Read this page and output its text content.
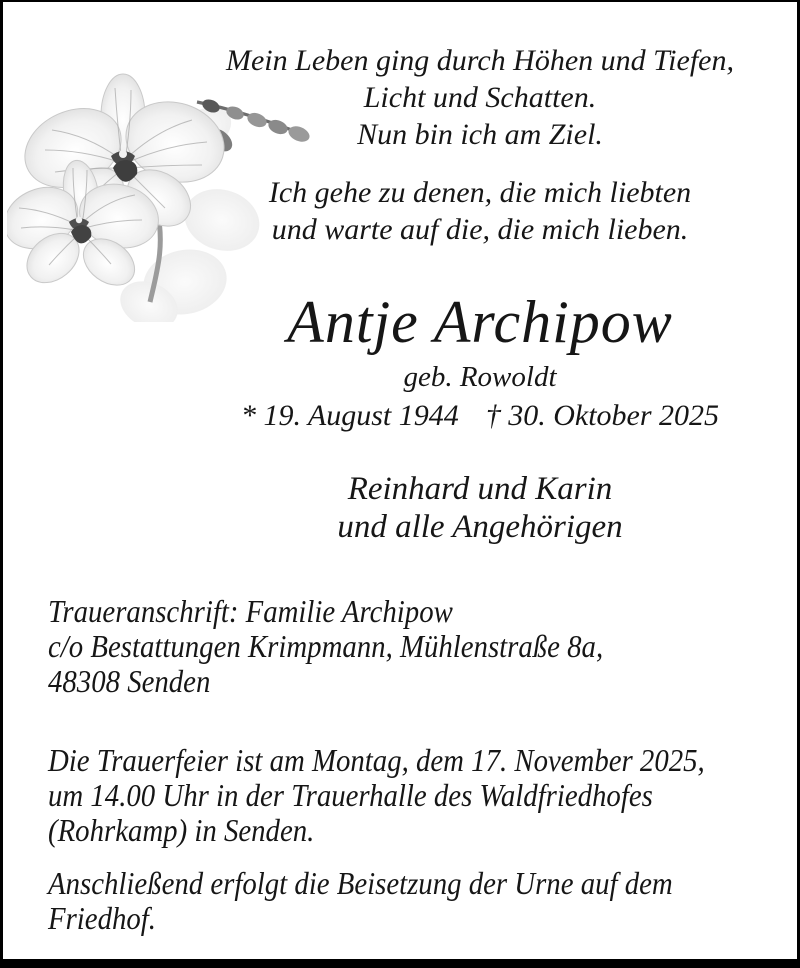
Mein Leben ging durch Höhen und Tiefen,
Licht und Schatten.
Nun bin ich am Ziel.
Ich gehe zu denen, die mich liebten
und warte auf die, die mich lieben.
Antje Archipow
geb. Rowoldt
* 19. August 1944 † 30. Oktober 2025
Reinhard und Karin
und alle Angehörigen
Traueranschrift: Familie Archipow
c/o Bestattungen Krimpmann, Mühlenstraße 8a,
48308 Senden
Die Trauerfeier ist am Montag, dem 17. November 2025,
um 14.00 Uhr in der Trauerhalle des Waldfriedhofes
(Rohrkamp) in Senden.
Anschließend erfolgt die Beisetzung der Urne auf dem
Friedhof.
